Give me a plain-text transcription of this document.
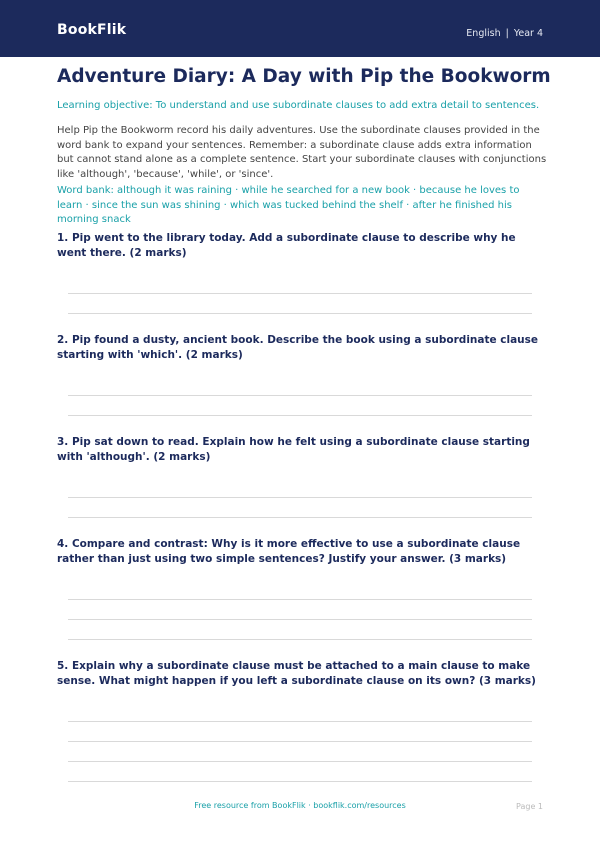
BookFlik	English | Year 4
Adventure Diary: A Day with Pip the Bookworm
Learning objective: To understand and use subordinate clauses to add extra detail to sentences.
Help Pip the Bookworm record his daily adventures. Use the subordinate clauses provided in the word bank to expand your sentences. Remember: a subordinate clause adds extra information but cannot stand alone as a complete sentence. Start your subordinate clauses with conjunctions like 'although', 'because', 'while', or 'since'.
Word bank: although it was raining · while he searched for a new book · because he loves to learn · since the sun was shining · which was tucked behind the shelf · after he finished his morning snack
1. Pip went to the library today. Add a subordinate clause to describe why he went there. (2 marks)
2. Pip found a dusty, ancient book. Describe the book using a subordinate clause starting with 'which'. (2 marks)
3. Pip sat down to read. Explain how he felt using a subordinate clause starting with 'although'. (2 marks)
4. Compare and contrast: Why is it more effective to use a subordinate clause rather than just using two simple sentences? Justify your answer. (3 marks)
5. Explain why a subordinate clause must be attached to a main clause to make sense. What might happen if you left a subordinate clause on its own? (3 marks)
Free resource from BookFlik · bookflik.com/resources	Page 1
